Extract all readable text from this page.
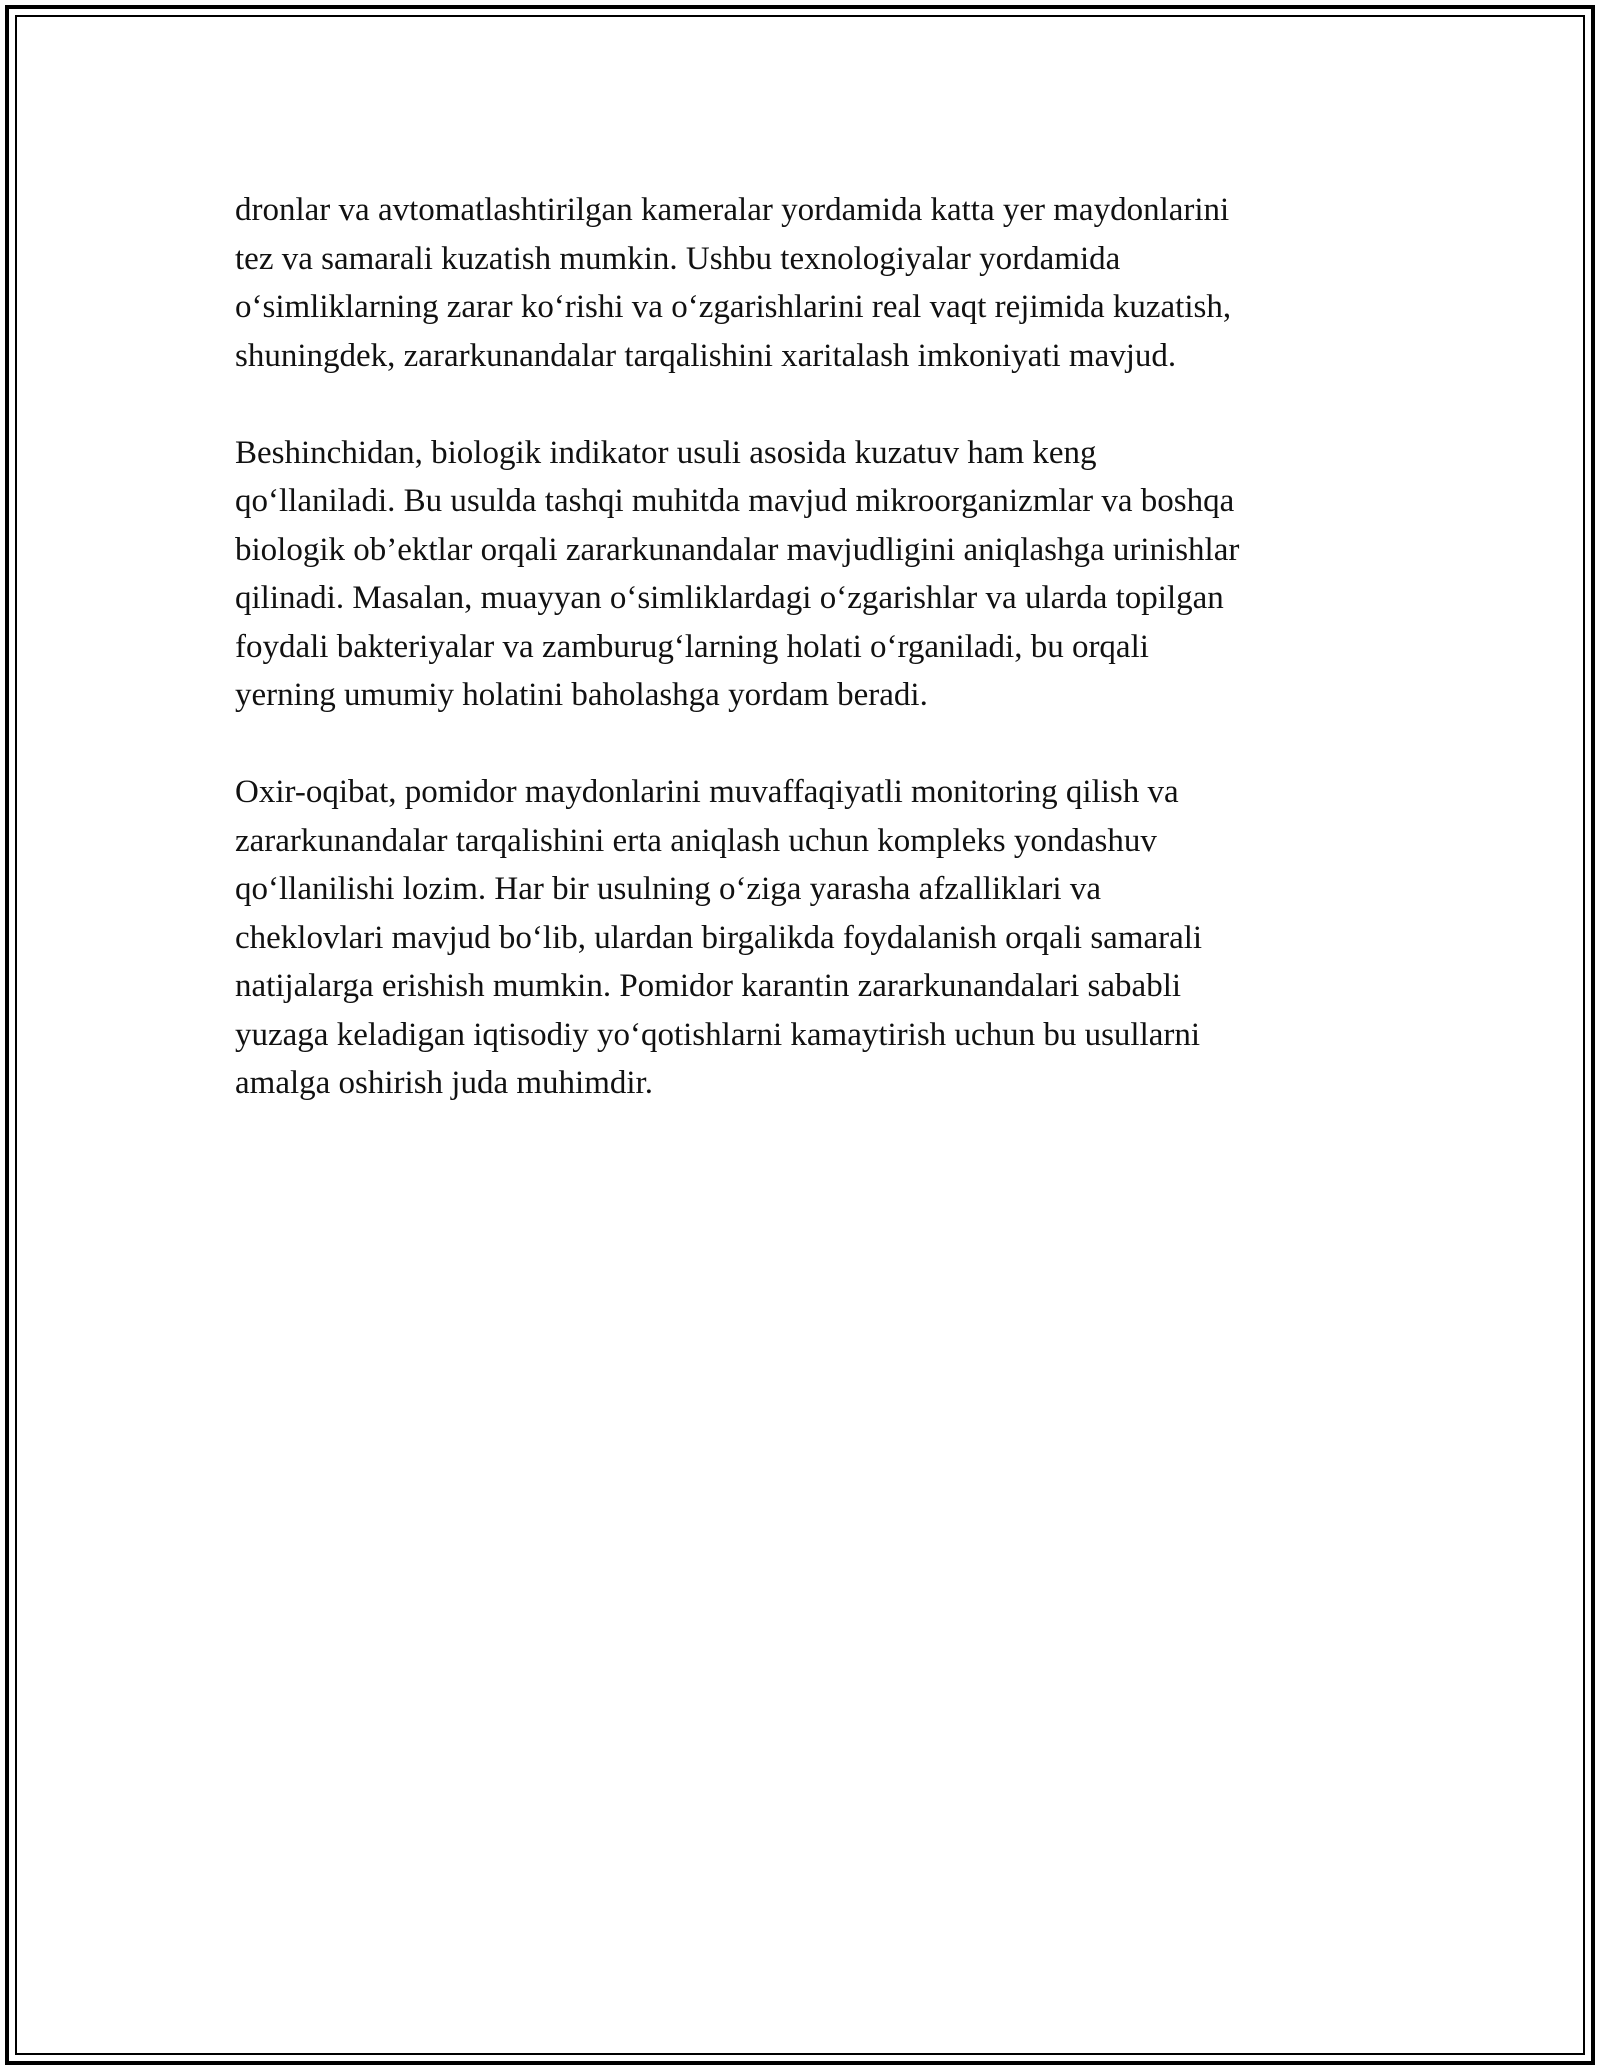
dronlar va avtomatlashtirilgan kameralar yordamida katta yer maydonlarini
tez va samarali kuzatish mumkin. Ushbu texnologiyalar yordamida
o‘simliklarning zarar ko‘rishi va o‘zgarishlarini real vaqt rejimida kuzatish,
shuningdek, zararkunandalar tarqalishini xaritalash imkoniyati mavjud.

Beshinchidan, biologik indikator usuli asosida kuzatuv ham keng
qo‘llaniladi. Bu usulda tashqi muhitda mavjud mikroorganizmlar va boshqa
biologik ob’ektlar orqali zararkunandalar mavjudligini aniqlashga urinishlar
qilinadi. Masalan, muayyan o‘simliklardagi o‘zgarishlar va ularda topilgan
foydali bakteriyalar va zamburug‘larning holati o‘rganiladi, bu orqali
yerning umumiy holatini baholashga yordam beradi.

Oxir-oqibat, pomidor maydonlarini muvaffaqiyatli monitoring qilish va
zararkunandalar tarqalishini erta aniqlash uchun kompleks yondashuv
qo‘llanilishi lozim. Har bir usulning o‘ziga yarasha afzalliklari va
cheklovlari mavjud bo‘lib, ulardan birgalikda foydalanish orqali samarali
natijalarga erishish mumkin. Pomidor karantin zararkunandalari sababli
yuzaga keladigan iqtisodiy yo‘qotishlarni kamaytirish uchun bu usullarni
amalga oshirish juda muhimdir.
